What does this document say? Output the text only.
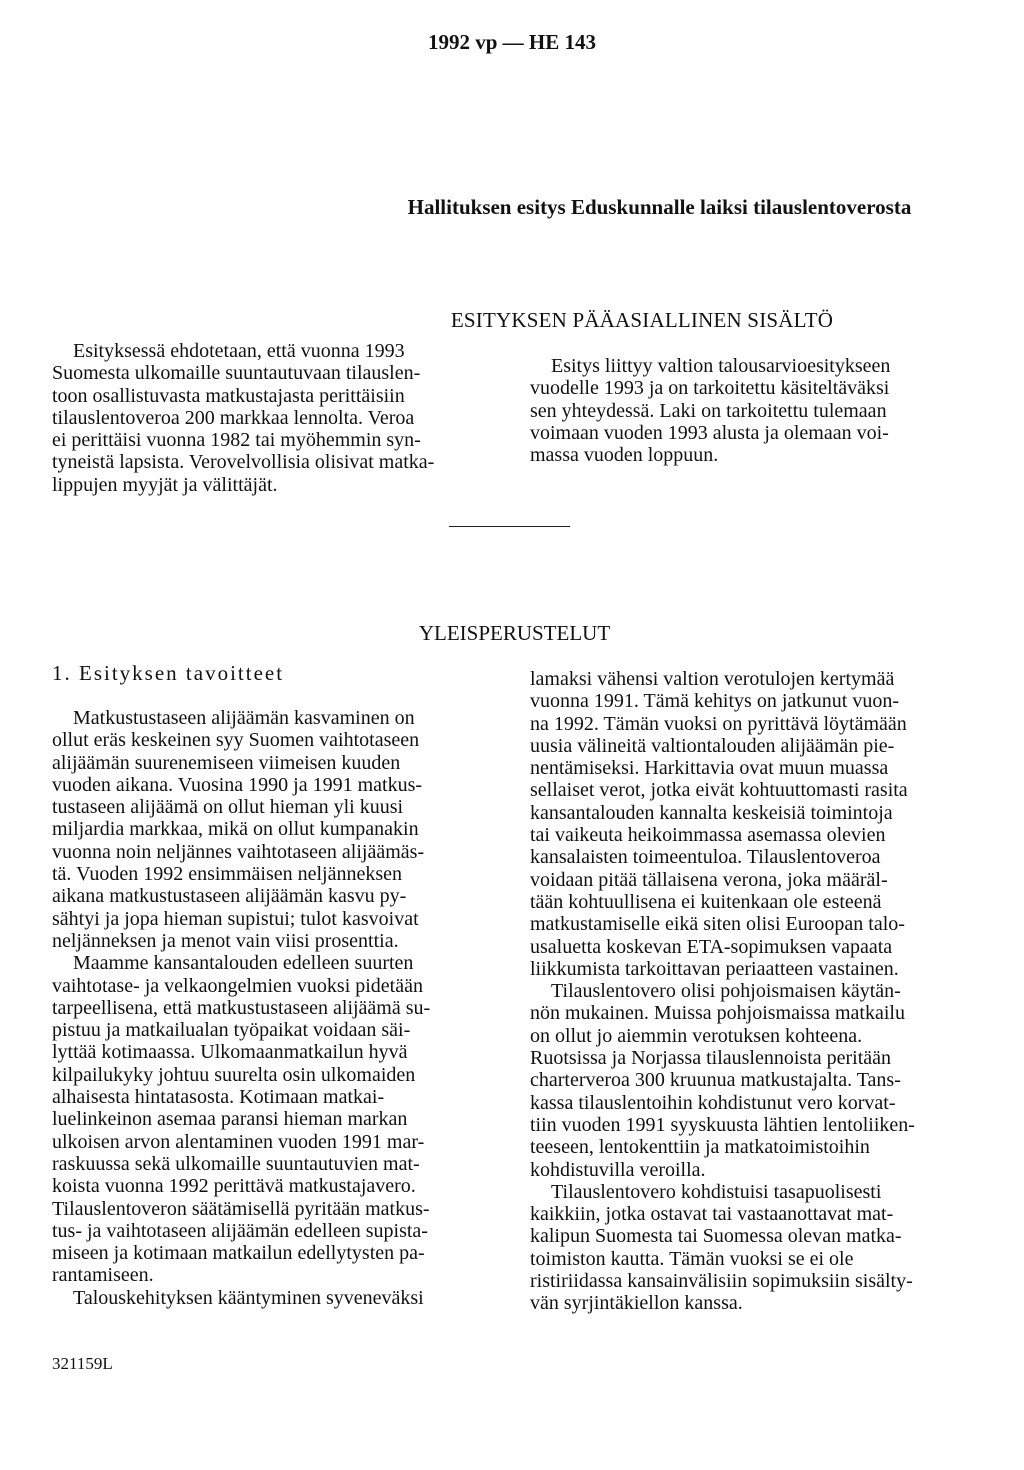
1992 vp — HE 143
Hallituksen esitys Eduskunnalle laiksi tilauslentoverosta
ESITYKSEN PÄÄASIALLINEN SISÄLTÖ

Esityksessä ehdotetaan, että vuonna 1993
Suomesta ulkomaille suuntautuvaan tilauslen-
toon osallistuvasta matkustajasta perittäisiin
tilauslentoveroa 200 markkaa lennolta. Veroa
ei perittäisi vuonna 1982 tai myöhemmin syn-
tyneistä lapsista. Verovelvollisia olisivat matka-
lippujen myyjät ja välittäjät.

Esitys liittyy valtion talousarvioesitykseen
vuodelle 1993 ja on tarkoitettu käsiteltäväksi
sen yhteydessä. Laki on tarkoitettu tulemaan
voimaan vuoden 1993 alusta ja olemaan voi-
massa vuoden loppuun.

YLEISPERUSTELUT
1. Esityksen tavoitteet

Matkustustaseen alijäämän kasvaminen on
ollut eräs keskeinen syy Suomen vaihtotaseen
alijäämän suurenemiseen viimeisen kuuden
vuoden aikana. Vuosina 1990 ja 1991 matkus-
tustaseen alijäämä on ollut hieman yli kuusi
miljardia markkaa, mikä on ollut kumpanakin
vuonna noin neljännes vaihtotaseen alijäämäs-
tä. Vuoden 1992 ensimmäisen neljänneksen
aikana matkustustaseen alijäämän kasvu py-
sähtyi ja jopa hieman supistui; tulot kasvoivat
neljänneksen ja menot vain viisi prosenttia.

Maamme kansantalouden edelleen suurten
vaihtotase- ja velkaongelmien vuoksi pidetään
tarpeellisena, että matkustustaseen alijäämä su-
pistuu ja matkailualan työpaikat voidaan säi-
lyttää kotimaassa. Ulkomaanmatkailun hyvä
kilpailukyky johtuu suurelta osin ulkomaiden
alhaisesta hintatasosta. Kotimaan matkai-
luelinkeinon asemaa paransi hieman markan
ulkoisen arvon alentaminen vuoden 1991 mar-
raskuussa sekä ulkomaille suuntautuvien mat-
koista vuonna 1992 perittävä matkustajavero.
Tilauslentoveron säätämisellä pyritään matkus-
tus- ja vaihtotaseen alijäämän edelleen supista-
miseen ja kotimaan matkailun edellytysten pa-
rantamiseen.

Talouskehityksen kääntyminen syveneväksi

lamaksi vähensi valtion verotulojen kertymää
vuonna 1991. Tämä kehitys on jatkunut vuon-
na 1992. Tämän vuoksi on pyrittävä löytämään
uusia välineitä valtiontalouden alijäämän pie-
nentämiseksi. Harkittavia ovat muun muassa
sellaiset verot, jotka eivät kohtuuttomasti rasita
kansantalouden kannalta keskeisiä toimintoja
tai vaikeuta heikoimmassa asemassa olevien
kansalaisten toimeentuloa. Tilauslentoveroa
voidaan pitää tällaisena verona, joka määräl-
tään kohtuullisena ei kuitenkaan ole esteenä
matkustamiselle eikä siten olisi Euroopan talo-
usaluetta koskevan ETA-sopimuksen vapaata
liikkumista tarkoittavan periaatteen vastainen.

Tilauslentovero olisi pohjoismaisen käytän-
nön mukainen. Muissa pohjoismaissa matkailu
on ollut jo aiemmin verotuksen kohteena.
Ruotsissa ja Norjassa tilauslennoista peritään
charterveroa 300 kruunua matkustajalta. Tans-
kassa tilauslentoihin kohdistunut vero korvat-
tiin vuoden 1991 syyskuusta lähtien lentoliiken-
teeseen, lentokenttiin ja matkatoimistoihin
kohdistuvilla veroilla.

Tilauslentovero kohdistuisi tasapuolisesti
kaikkiin, jotka ostavat tai vastaanottavat mat-
kalipun Suomesta tai Suomessa olevan matka-
toimiston kautta. Tämän vuoksi se ei ole
ristiriidassa kansainvälisiin sopimuksiin sisälty-
vän syrjintäkiellon kanssa.

321159L
